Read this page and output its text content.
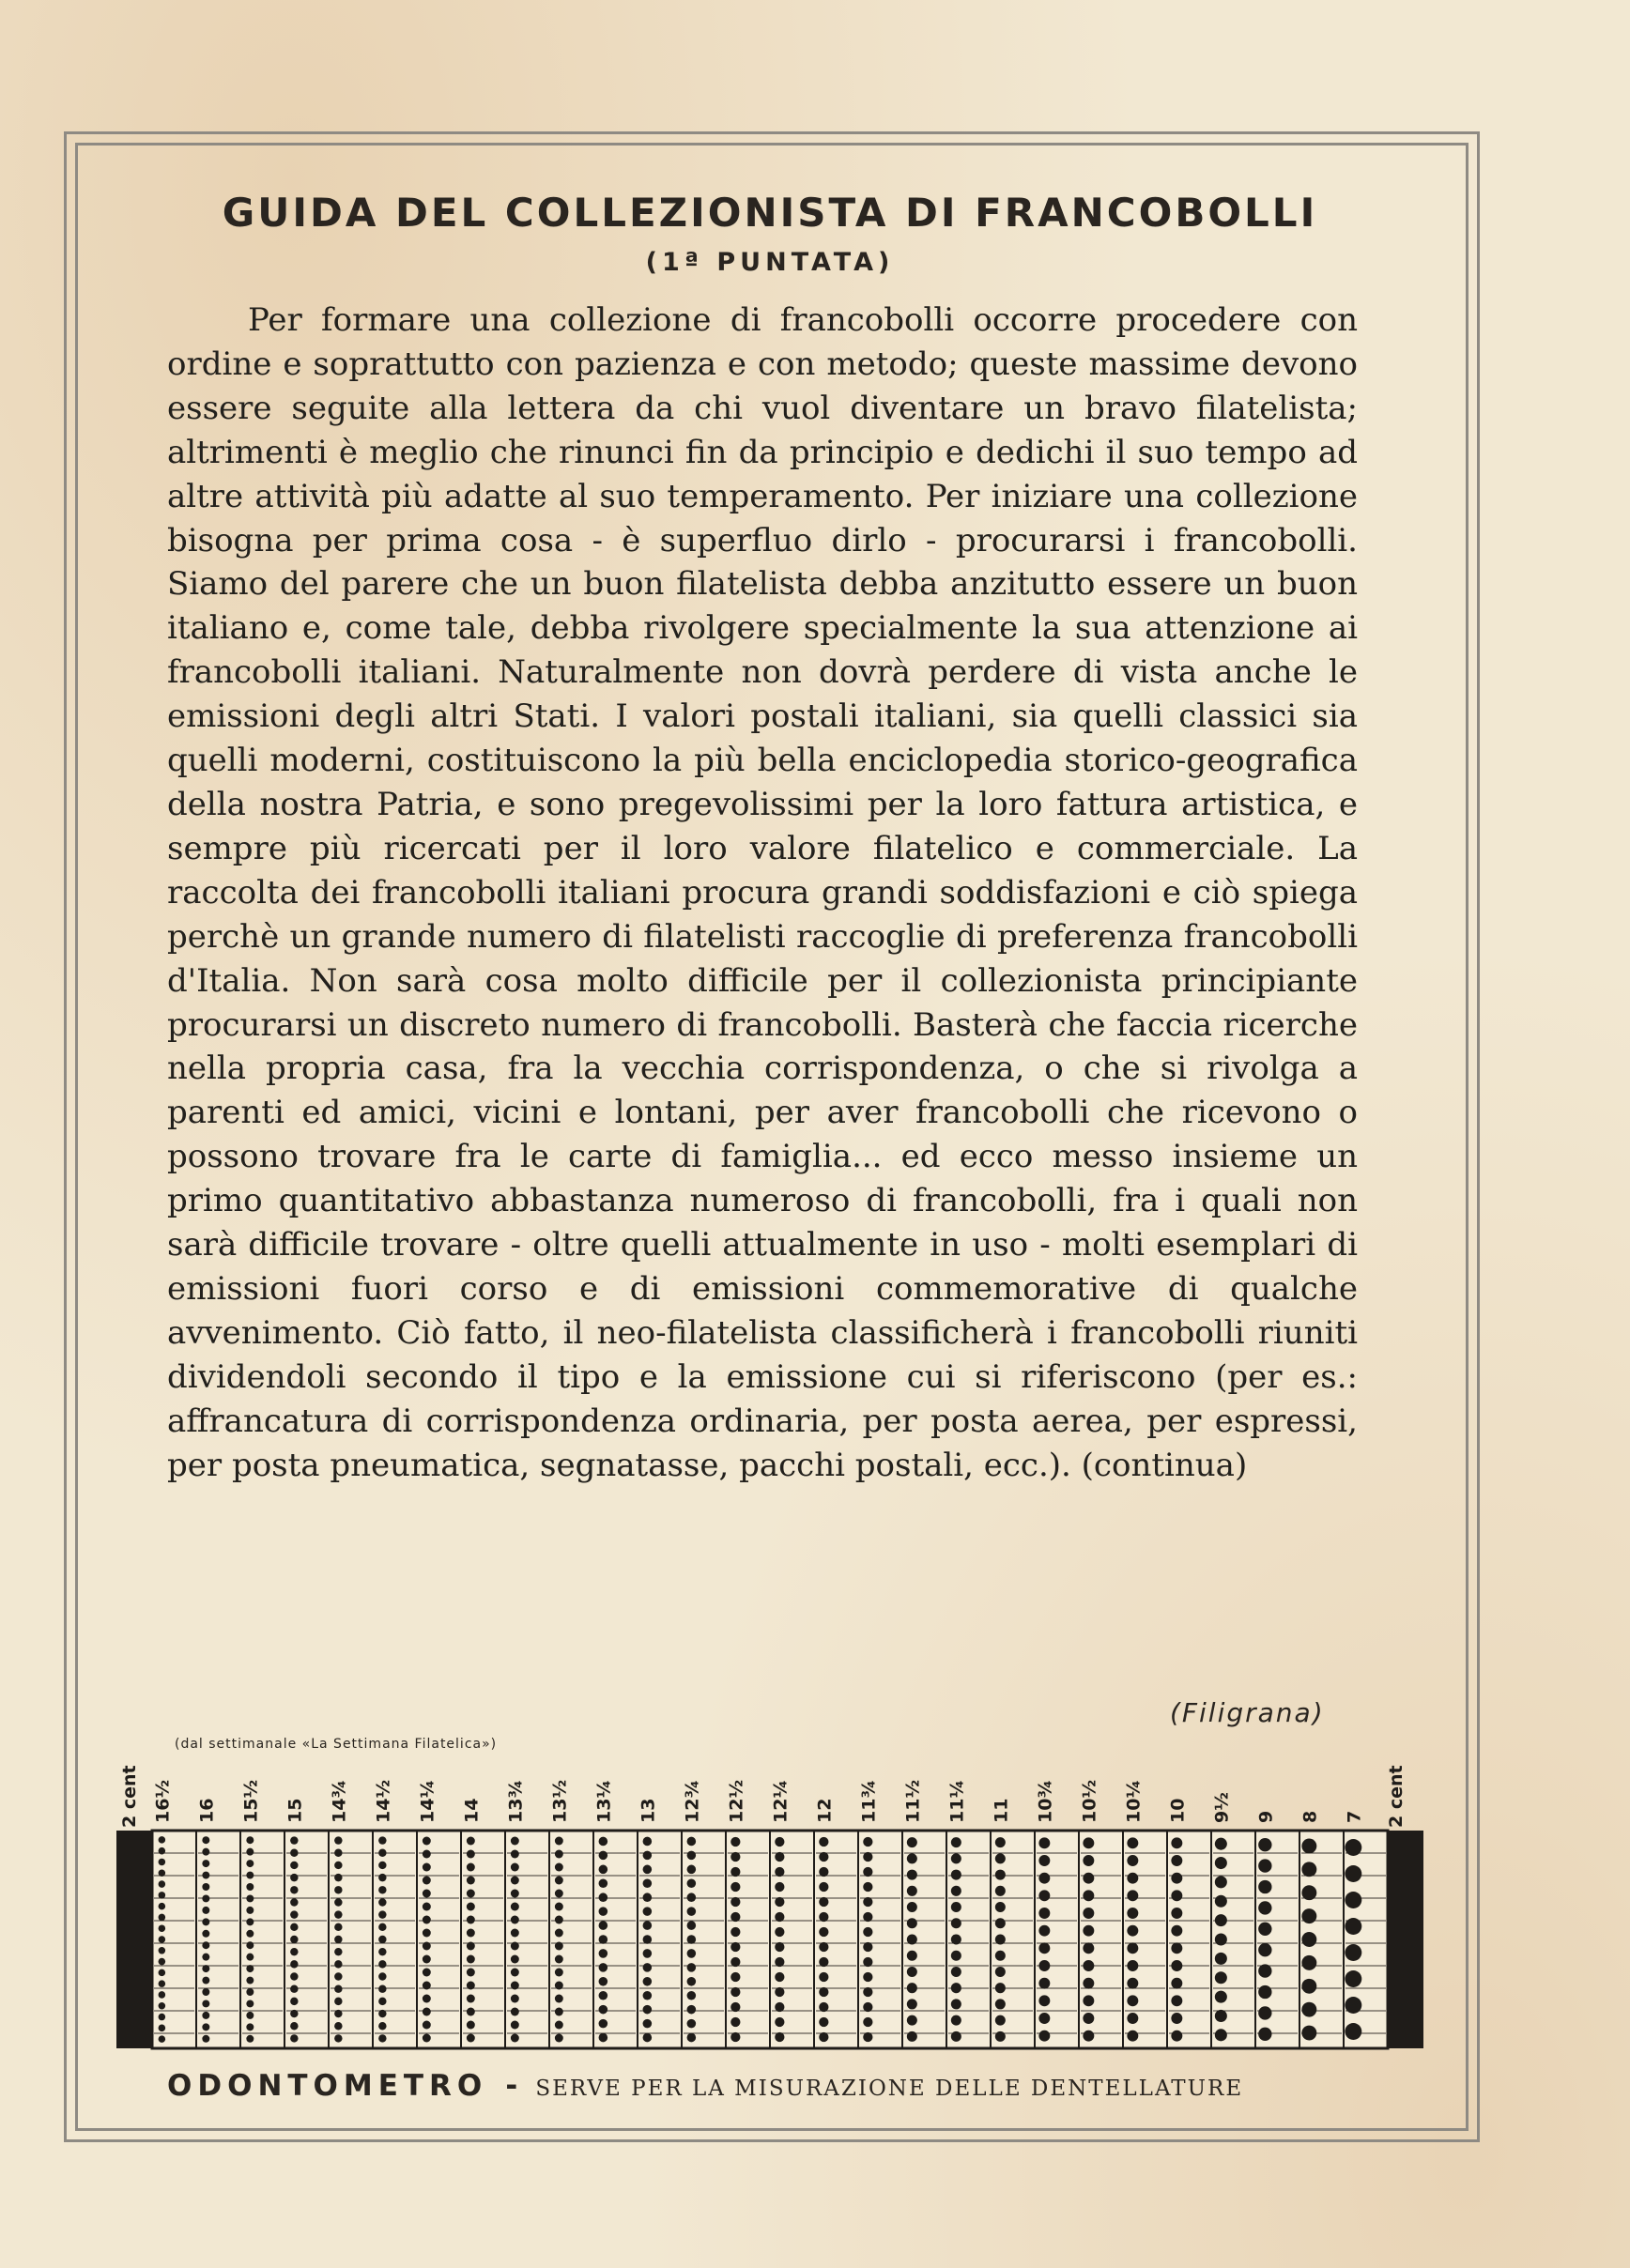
GUIDA DEL COLLEZIONISTA DI FRANCOBOLLI
(1ª PUNTATA)

Per formare una collezione di francobolli occorre procedere con ordine e soprattutto con pazienza e con metodo; queste massime devono essere seguite alla lettera da chi vuol diventare un bravo filatelista; altrimenti è meglio che rinunci fin da principio e dedichi il suo tempo ad altre attività più adatte al suo temperamento. Per iniziare una collezione bisogna per prima cosa - è superfluo dirlo - procurarsi i francobolli. Siamo del parere che un buon filatelista debba anzitutto essere un buon italiano e, come tale, debba rivolgere specialmente la sua attenzione ai francobolli italiani. Naturalmente non dovrà perdere di vista anche le emissioni degli altri Stati. I valori postali italiani, sia quelli classici sia quelli moderni, costituiscono la più bella enciclopedia storico-geografica della nostra Patria, e sono pregevolissimi per la loro fattura artistica, e sempre più ricercati per il loro valore filatelico e commerciale. La raccolta dei francobolli italiani procura grandi soddisfazioni e ciò spiega perchè un grande numero di filatelisti raccoglie di preferenza francobolli d'Italia. Non sarà cosa molto difficile per il collezionista principiante procurarsi un discreto numero di francobolli. Basterà che faccia ricerche nella propria casa, fra la vecchia corrispondenza, o che si rivolga a parenti ed amici, vicini e lontani, per aver francobolli che ricevono o possono trovare fra le carte di famiglia... ed ecco messo insieme un primo quantitativo abbastanza numeroso di francobolli, fra i quali non sarà difficile trovare - oltre quelli attualmente in uso - molti esemplari di emissioni fuori corso e di emissioni commemorative di qualche avvenimento. Ciò fatto, il neo-filatelista classificherà i francobolli riuniti dividendoli secondo il tipo e la emissione cui si riferiscono (per es.: affrancatura di corrispondenza ordinaria, per posta aerea, per espressi, per posta pneumatica, segnatasse, pacchi postali, ecc.). (continua)

(Filigrana)
(dal settimanale «La Settimana Filatelica»)
2 cent	2 cent
16½ 16 15½ 15 14¾ 14½ 14¼ 14 13¾ 13½ 13¼ 13 12¾ 12½ 12¼ 12 11¾ 11½ 11¼ 11 10¾ 10½ 10¼ 10 9½ 9 8 7
ODONTOMETRO - SERVE PER LA MISURAZIONE DELLE DENTELLATURE
